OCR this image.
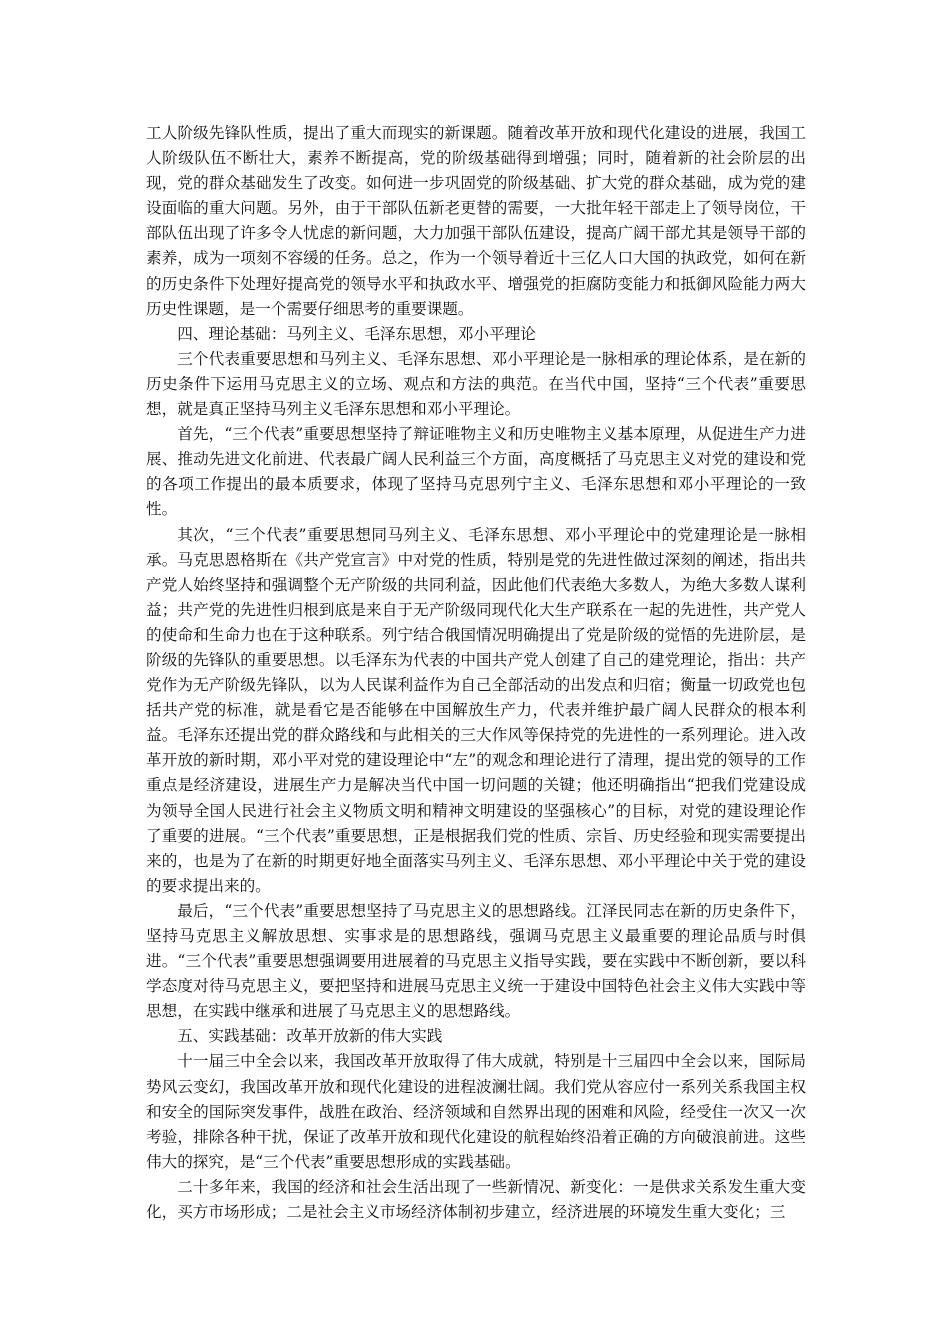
工人阶级先锋队性质，提出了重大而现实的新课题。随着改革开放和现代化建设的进展，我国工人阶级队伍不断壮大，素养不断提高，党的阶级基础得到增强；同时，随着新的社会阶层的出现，党的群众基础发生了改变。如何进一步巩固党的阶级基础、扩大党的群众基础，成为党的建设面临的重大问题。另外，由于干部队伍新老更替的需要，一大批年轻干部走上了领导岗位，干部队伍出现了许多令人忧虑的新问题，大力加强干部队伍建设，提高广阔干部尤其是领导干部的素养，成为一项刻不容缓的任务。总之，作为一个领导着近十三亿人口大国的执政党，如何在新的历史条件下处理好提高党的领导水平和执政水平、增强党的拒腐防变能力和抵御风险能力两大历史性课题，是一个需要仔细思考的重要课题。

四、理论基础：马列主义、毛泽东思想，邓小平理论

三个代表重要思想和马列主义、毛泽东思想、邓小平理论是一脉相承的理论体系，是在新的历史条件下运用马克思主义的立场、观点和方法的典范。在当代中国，坚持“三个代表”重要思想，就是真正坚持马列主义毛泽东思想和邓小平理论。

首先，“三个代表”重要思想坚持了辩证唯物主义和历史唯物主义基本原理，从促进生产力进展、推动先进文化前进、代表最广阔人民利益三个方面，高度概括了马克思主义对党的建设和党的各项工作提出的最本质要求，体现了坚持马克思列宁主义、毛泽东思想和邓小平理论的一致性。

其次，“三个代表”重要思想同马列主义、毛泽东思想、邓小平理论中的党建理论是一脉相承。马克思恩格斯在《共产党宣言》中对党的性质，特别是党的先进性做过深刻的阐述，指出共产党人始终坚持和强调整个无产阶级的共同利益，因此他们代表绝大多数人，为绝大多数人谋利益；共产党的先进性归根到底是来自于无产阶级同现代化大生产联系在一起的先进性，共产党人的使命和生命力也在于这种联系。列宁结合俄国情况明确提出了党是阶级的觉悟的先进阶层，是阶级的先锋队的重要思想。以毛泽东为代表的中国共产党人创建了自己的建党理论，指出：共产党作为无产阶级先锋队，以为人民谋利益作为自己全部活动的出发点和归宿；衡量一切政党也包括共产党的标准，就是看它是否能够在中国解放生产力，代表并维护最广阔人民群众的根本利益。毛泽东还提出党的群众路线和与此相关的三大作风等保持党的先进性的一系列理论。进入改革开放的新时期，邓小平对党的建设理论中“左”的观念和理论进行了清理，提出党的领导的工作重点是经济建设，进展生产力是解决当代中国一切问题的关键；他还明确指出“把我们党建设成为领导全国人民进行社会主义物质文明和精神文明建设的坚强核心”的目标，对党的建设理论作了重要的进展。“三个代表”重要思想，正是根据我们党的性质、宗旨、历史经验和现实需要提出来的，也是为了在新的时期更好地全面落实马列主义、毛泽东思想、邓小平理论中关于党的建设的要求提出来的。

最后，“三个代表”重要思想坚持了马克思主义的思想路线。江泽民同志在新的历史条件下，坚持马克思主义解放思想、实事求是的思想路线，强调马克思主义最重要的理论品质与时俱进。“三个代表”重要思想强调要用进展着的马克思主义指导实践，要在实践中不断创新，要以科学态度对待马克思主义，要把坚持和进展马克思主义统一于建设中国特色社会主义伟大实践中等思想，在实践中继承和进展了马克思主义的思想路线。

五、实践基础：改革开放新的伟大实践

十一届三中全会以来，我国改革开放取得了伟大成就，特别是十三届四中全会以来，国际局势风云变幻，我国改革开放和现代化建设的进程波澜壮阔。我们党从容应付一系列关系我国主权和安全的国际突发事件，战胜在政治、经济领域和自然界出现的困难和风险，经受住一次又一次考验，排除各种干扰，保证了改革开放和现代化建设的航程始终沿着正确的方向破浪前进。这些伟大的探究，是“三个代表”重要思想形成的实践基础。

二十多年来，我国的经济和社会生活出现了一些新情况、新变化：一是供求关系发生重大变化，买方市场形成；二是社会主义市场经济体制初步建立，经济进展的环境发生重大变化；三
